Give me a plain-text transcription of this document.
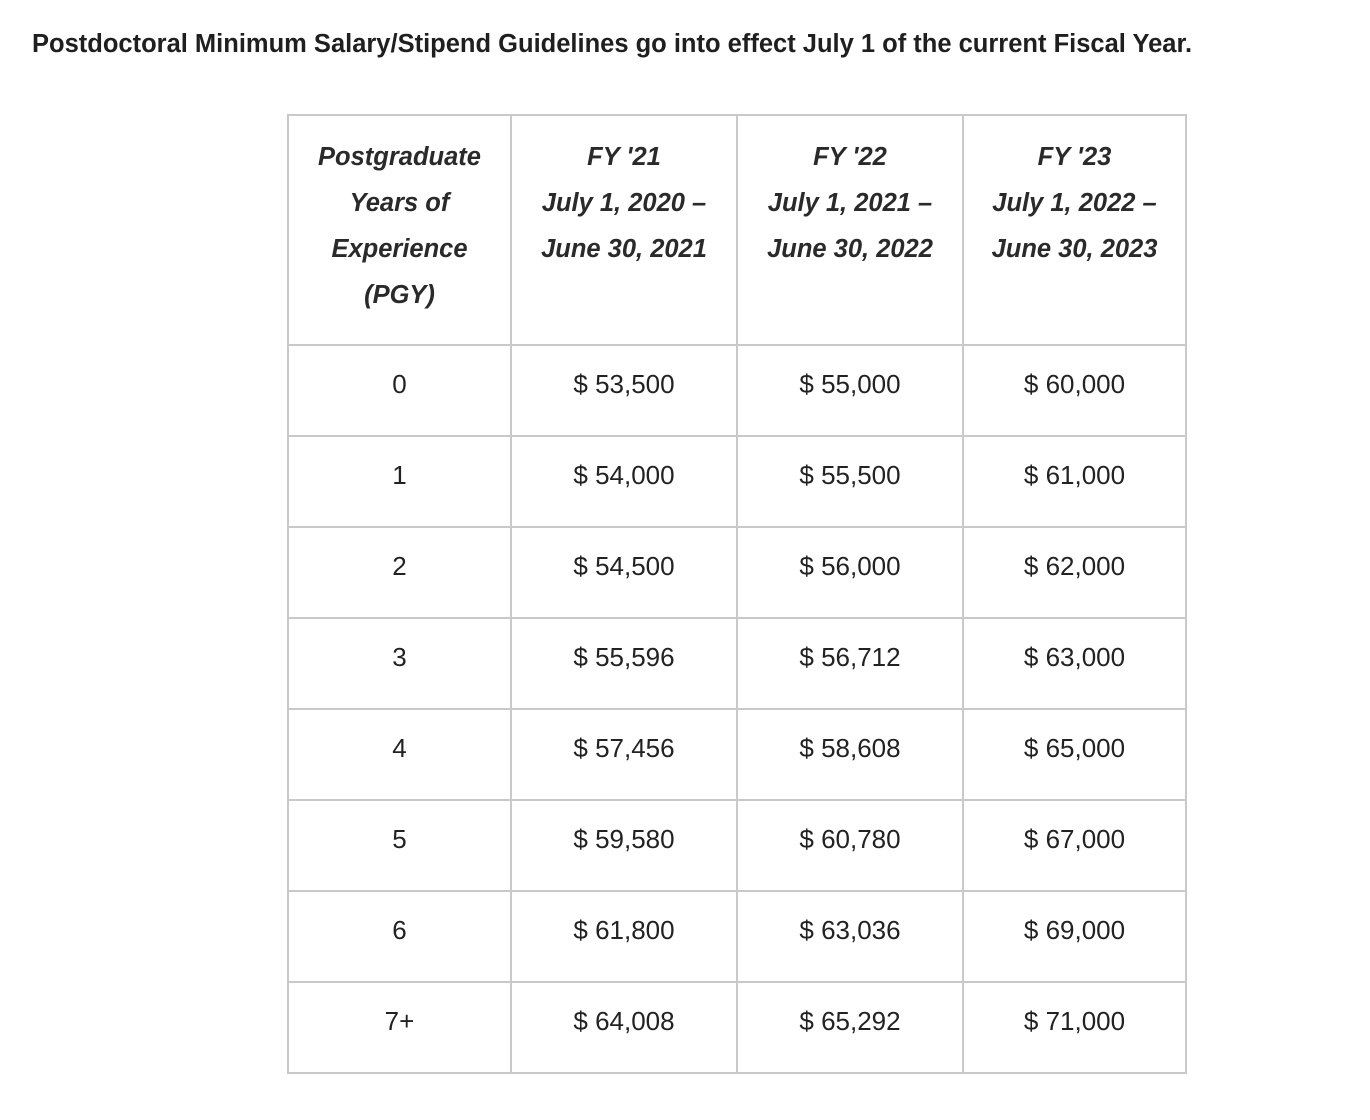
Postdoctoral Minimum Salary/Stipend Guidelines go into effect July 1 of the current Fiscal Year.

Postgraduate
Years of
Experience
(PGY)	FY '21
July 1, 2020 –
June 30, 2021	FY '22
July 1, 2021 –
June 30, 2022	FY '23
July 1, 2022 –
June 30, 2023

0	$ 53,500	$ 55,000	$ 60,000
1	$ 54,000	$ 55,500	$ 61,000
2	$ 54,500	$ 56,000	$ 62,000
3	$ 55,596	$ 56,712	$ 63,000
4	$ 57,456	$ 58,608	$ 65,000
5	$ 59,580	$ 60,780	$ 67,000
6	$ 61,800	$ 63,036	$ 69,000
7+	$ 64,008	$ 65,292	$ 71,000
